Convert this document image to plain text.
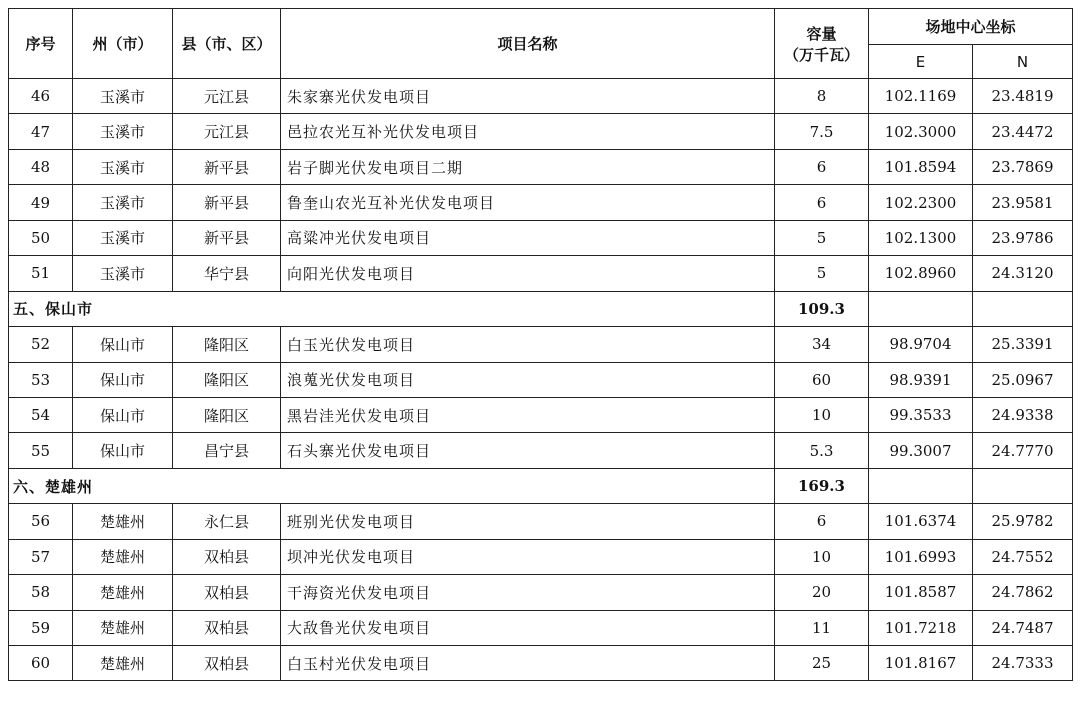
序号	州（市）	县（市、区）	项目名称	容量
（万千瓦）	场地中心坐标	
					E	N
46	玉溪市	元江县	朱家寨光伏发电项目	8	102.1169	23.4819
47	玉溪市	元江县	邑拉农光互补光伏发电项目	7.5	102.3000	23.4472
48	玉溪市	新平县	岩子脚光伏发电项目二期	6	101.8594	23.7869
49	玉溪市	新平县	鲁奎山农光互补光伏发电项目	6	102.2300	23.9581
50	玉溪市	新平县	高粱冲光伏发电项目	5	102.1300	23.9786
51	玉溪市	华宁县	向阳光伏发电项目	5	102.8960	24.3120
五、保山市				109.3		
52	保山市	隆阳区	白玉光伏发电项目	34	98.9704	25.3391
53	保山市	隆阳区	浪蒐光伏发电项目	60	98.9391	25.0967
54	保山市	隆阳区	黑岩洼光伏发电项目	10	99.3533	24.9338
55	保山市	昌宁县	石头寨光伏发电项目	5.3	99.3007	24.7770
六、楚雄州				169.3		
56	楚雄州	永仁县	班别光伏发电项目	6	101.6374	25.9782
57	楚雄州	双柏县	坝冲光伏发电项目	10	101.6993	24.7552
58	楚雄州	双柏县	干海资光伏发电项目	20	101.8587	24.7862
59	楚雄州	双柏县	大敌鲁光伏发电项目	11	101.7218	24.7487
60	楚雄州	双柏县	白玉村光伏发电项目	25	101.8167	24.7333
